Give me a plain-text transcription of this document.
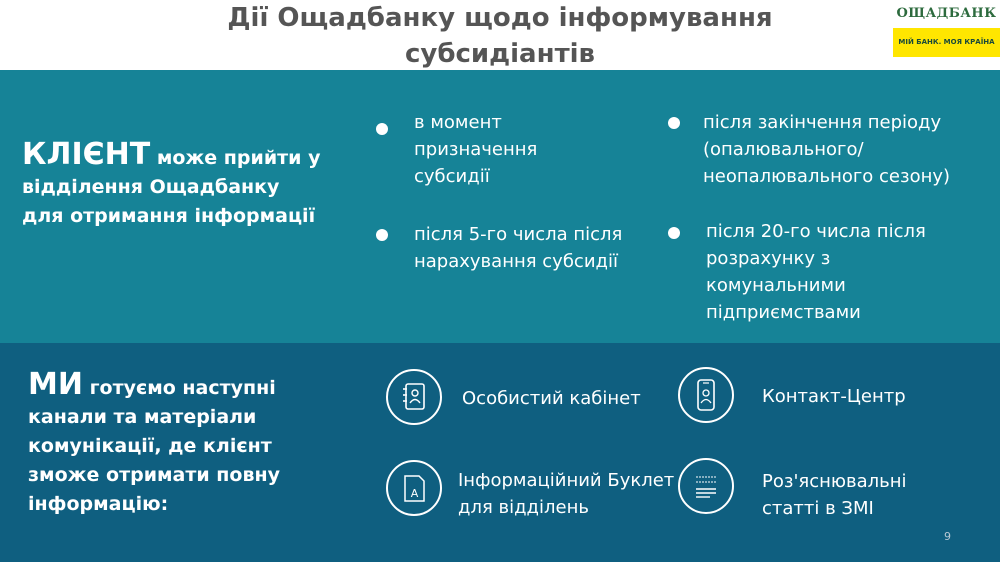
Дії Ощадбанку щодо інформування
субсидіантів
ОЩАДБАНК
МІЙ БАНК. МОЯ КРАЇНА
КЛІЄНТ може прийти у відділення Ощадбанку для отримання інформації
в момент призначення субсидії
після 5-го числа після нарахування субсидії
після закінчення періоду (опалювального/ неопалювального сезону)
після 20-го числа після розрахунку з комунальними підприємствами
МИ готуємо наступні канали та матеріали комунікації, де клієнт зможе отримати повну інформацію:
Особистий кабінет	Контакт-Центр
A
Інформаційний Буклет для відділень
Роз'яснювальні статті в ЗМІ
9
